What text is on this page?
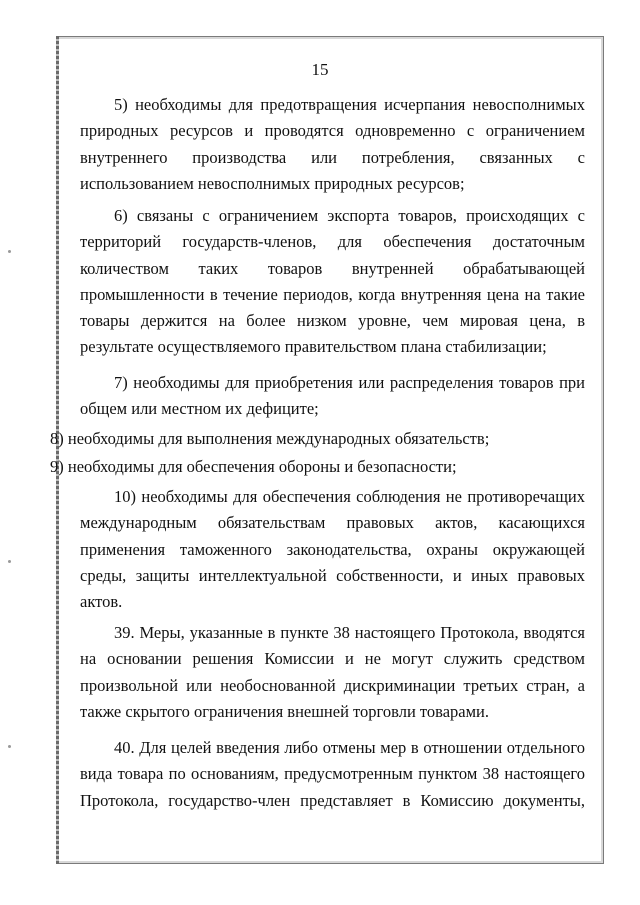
15

5) необходимы для предотвращения исчерпания невосполнимых
природных ресурсов и проводятся одновременно с ограничением
внутреннего производства или потребления, связанных с
использованием невосполнимых природных ресурсов;

6) связаны с ограничением экспорта товаров, происходящих с
территорий государств-членов, для обеспечения достаточным
количеством таких товаров внутренней обрабатывающей
промышленности в течение периодов, когда внутренняя цена на такие
товары держится на более низком уровне, чем мировая цена, в
результате осуществляемого правительством плана стабилизации;

7) необходимы для приобретения или распределения товаров при
общем или местном их дефиците;

8) необходимы для выполнения международных обязательств;

9) необходимы для обеспечения обороны и безопасности;

10) необходимы для обеспечения соблюдения не противоречащих
международным обязательствам правовых актов, касающихся
применения таможенного законодательства, охраны окружающей
среды, защиты интеллектуальной собственности, и иных правовых
актов.

39. Меры, указанные в пункте 38 настоящего Протокола, вводятся
на основании решения Комиссии и не могут служить средством
произвольной или необоснованной дискриминации третьих стран, а
также скрытого ограничения внешней торговли товарами.

40. Для целей введения либо отмены мер в отношении отдельного
вида товара по основаниям, предусмотренным пунктом 38 настоящего
Протокола, государство-член представляет в Комиссию документы,
